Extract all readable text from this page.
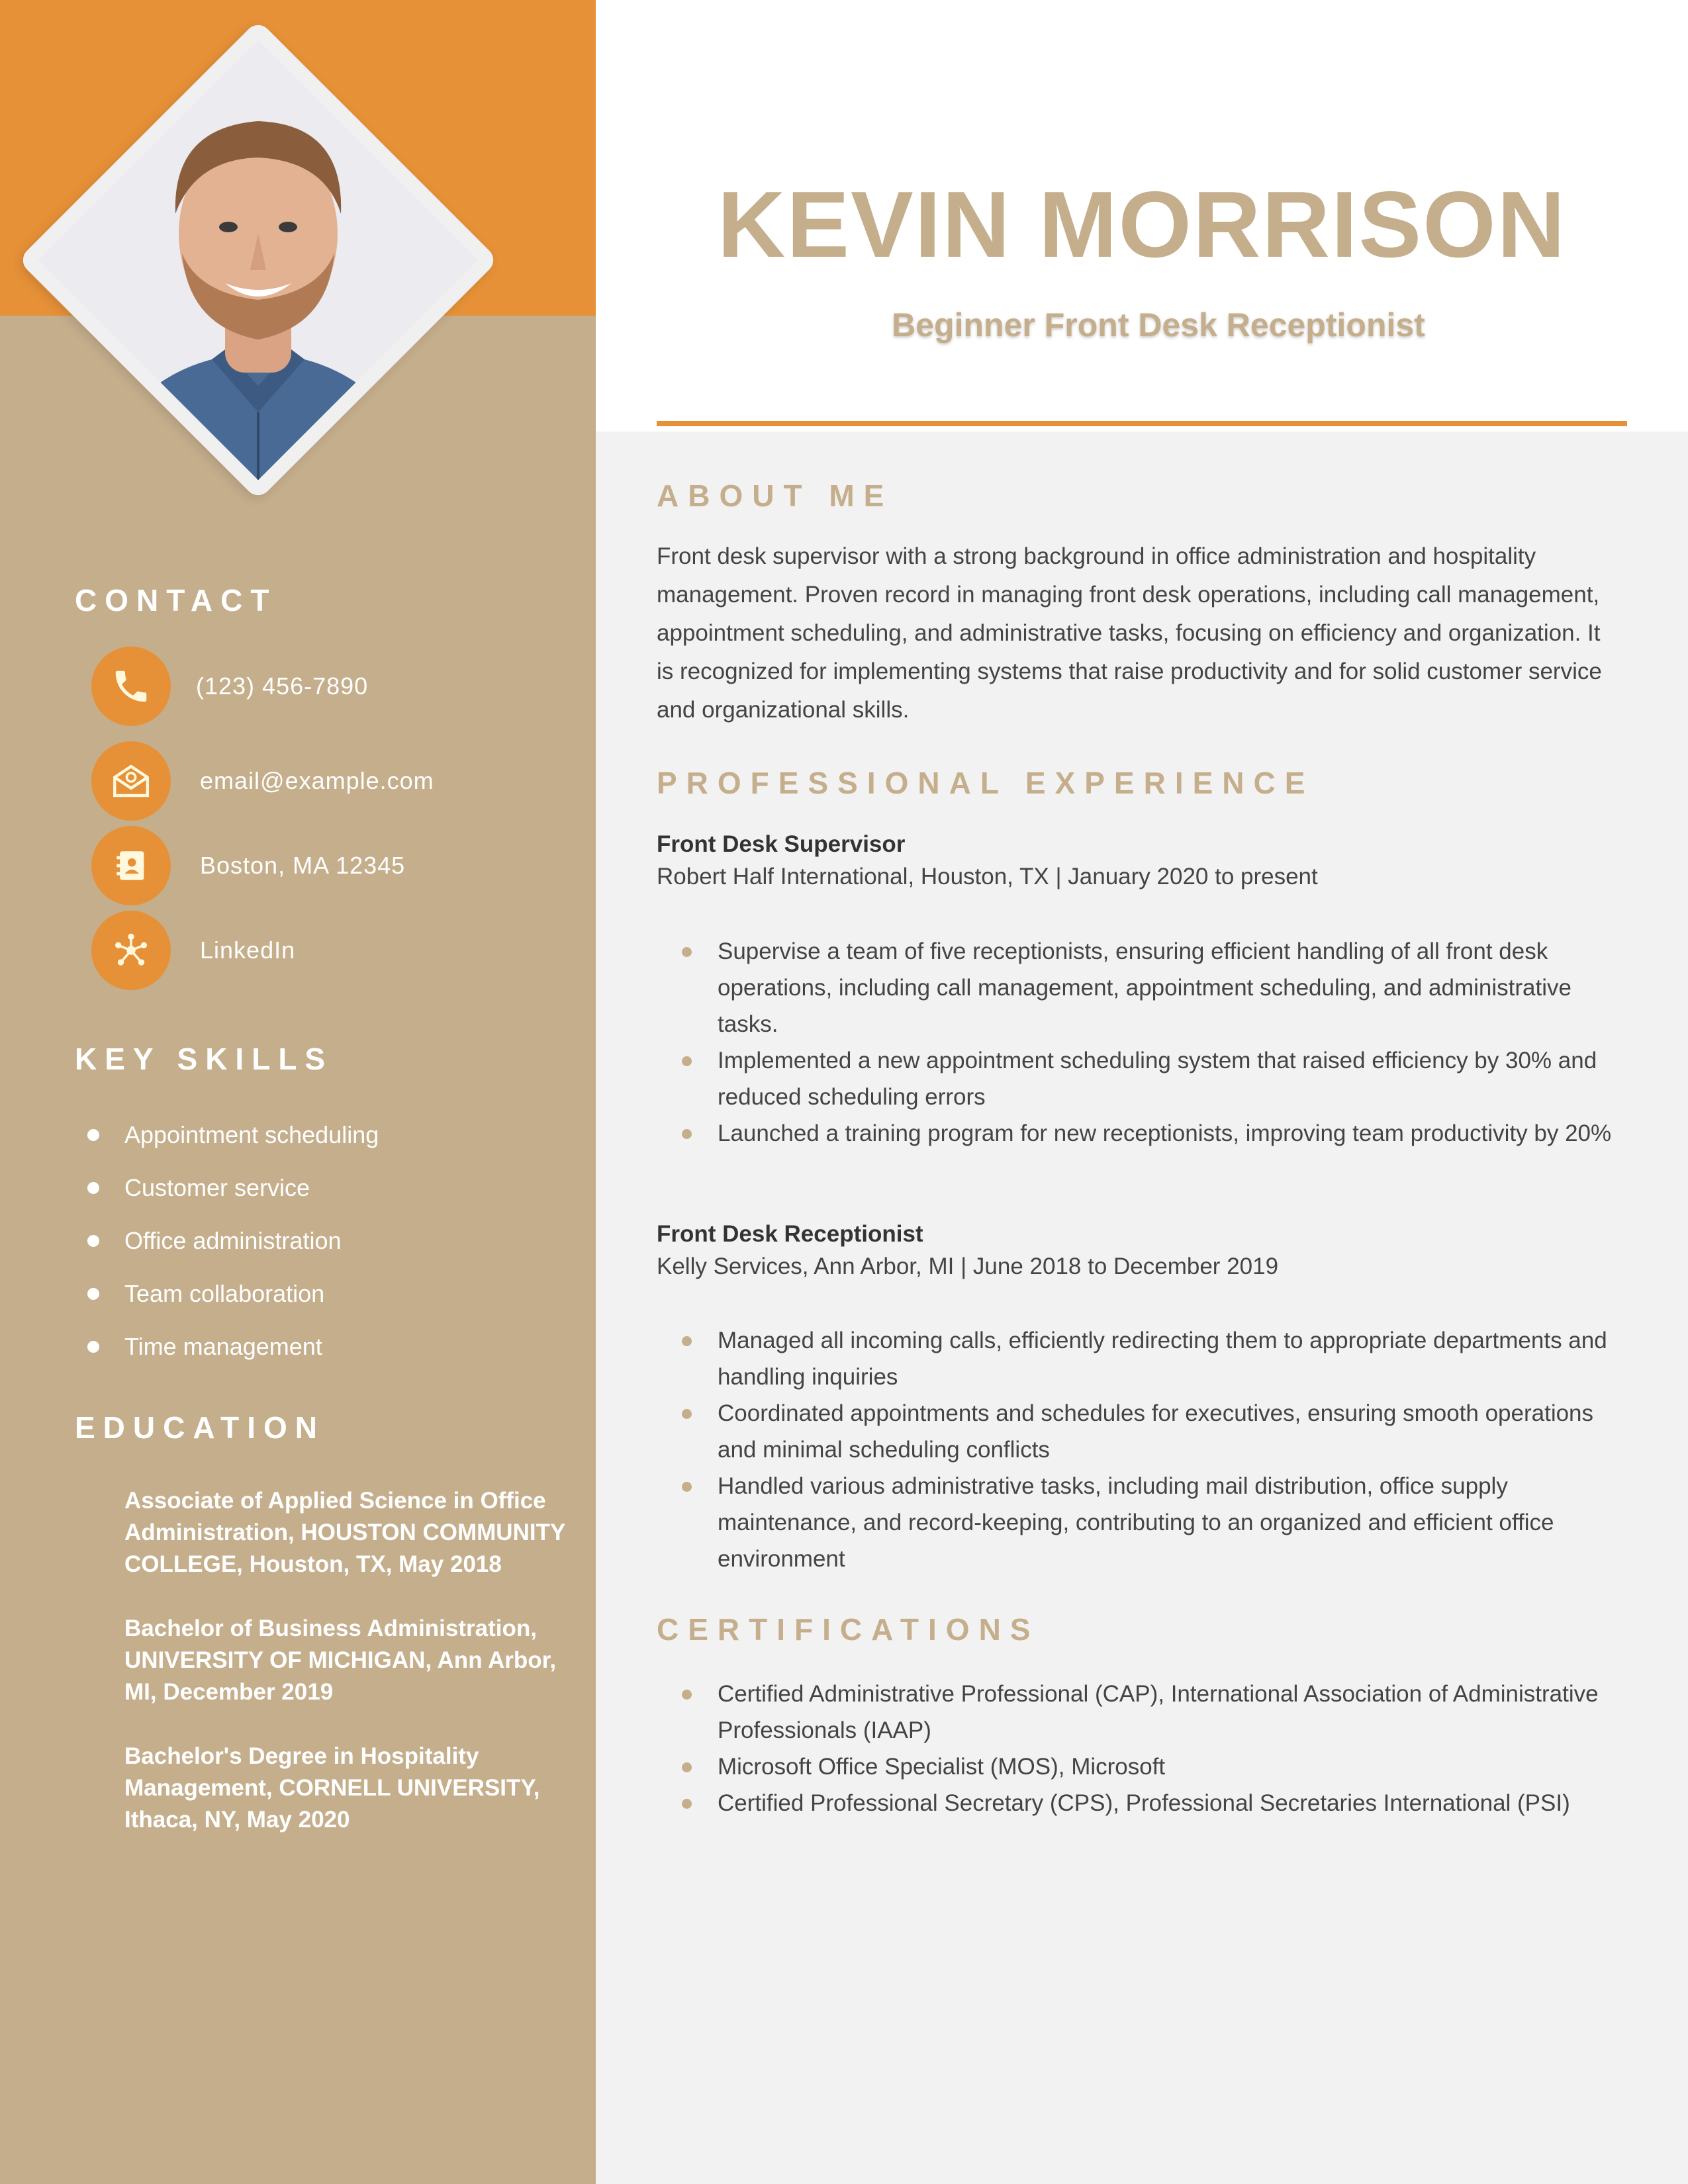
CONTACT
(123) 456-7890
email@example.com
Boston, MA 12345
LinkedIn
KEY SKILLS
Appointment scheduling
Customer service
Office administration
Team collaboration
Time management
EDUCATION
Associate of Applied Science in Office Administration, HOUSTON COMMUNITY COLLEGE, Houston, TX, May 2018
Bachelor of Business Administration, UNIVERSITY OF MICHIGAN, Ann Arbor, MI, December 2019
Bachelor's Degree in Hospitality Management, CORNELL UNIVERSITY, Ithaca, NY, May 2020
KEVIN MORRISON
Beginner Front Desk Receptionist
ABOUT ME
Front desk supervisor with a strong background in office administration and hospitality management. Proven record in managing front desk operations, including call management, appointment scheduling, and administrative tasks, focusing on efficiency and organization. It is recognized for implementing systems that raise productivity and for solid customer service and organizational skills.
PROFESSIONAL EXPERIENCE
Front Desk Supervisor
Robert Half International, Houston, TX | January 2020 to present
Supervise a team of five receptionists, ensuring efficient handling of all front desk operations, including call management, appointment scheduling, and administrative tasks.
Implemented a new appointment scheduling system that raised efficiency by 30% and reduced scheduling errors
Launched a training program for new receptionists, improving team productivity by 20%
Front Desk Receptionist
Kelly Services, Ann Arbor, MI | June 2018 to December 2019
Managed all incoming calls, efficiently redirecting them to appropriate departments and handling inquiries
Coordinated appointments and schedules for executives, ensuring smooth operations and minimal scheduling conflicts
Handled various administrative tasks, including mail distribution, office supply maintenance, and record-keeping, contributing to an organized and efficient office environment
CERTIFICATIONS
Certified Administrative Professional (CAP), International Association of Administrative Professionals (IAAP)
Microsoft Office Specialist (MOS), Microsoft
Certified Professional Secretary (CPS), Professional Secretaries International (PSI)
